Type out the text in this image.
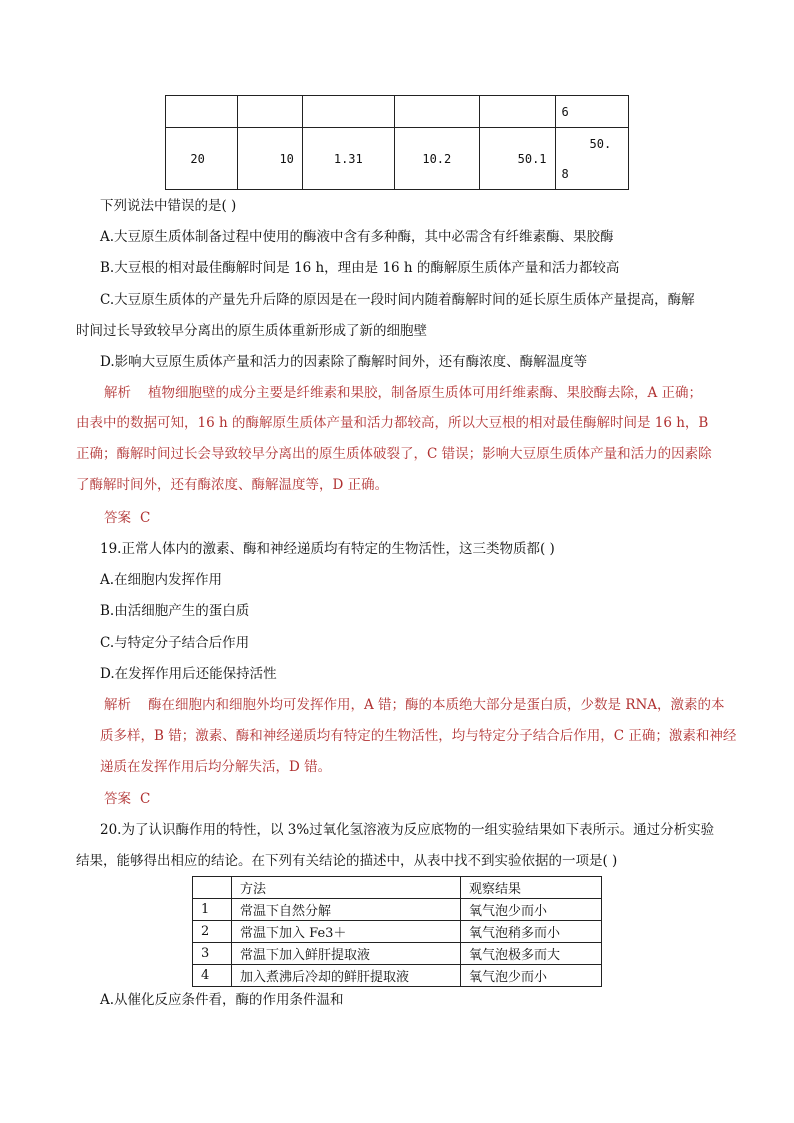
					6
20	10	1.31	10.2	50.1	50.
8
下列说法中错误的是( )
A.大豆原生质体制备过程中使用的酶液中含有多种酶，其中必需含有纤维素酶、果胶酶
B.大豆根的相对最佳酶解时间是 16 h，理由是 16 h 的酶解原生质体产量和活力都较高
C.大豆原生质体的产量先升后降的原因是在一段时间内随着酶解时间的延长原生质体产量提高，酶解
时间过长导致较早分离出的原生质体重新形成了新的细胞壁
D.影响大豆原生质体产量和活力的因素除了酶解时间外，还有酶浓度、酶解温度等
解析 植物细胞壁的成分主要是纤维素和果胶，制备原生质体可用纤维素酶、果胶酶去除，A 正确；
由表中的数据可知，16 h 的酶解原生质体产量和活力都较高，所以大豆根的相对最佳酶解时间是 16 h，B
正确；酶解时间过长会导致较早分离出的原生质体破裂了，C 错误；影响大豆原生质体产量和活力的因素除
了酶解时间外，还有酶浓度、酶解温度等，D 正确。
答案 C
19.正常人体内的激素、酶和神经递质均有特定的生物活性，这三类物质都( )
A.在细胞内发挥作用
B.由活细胞产生的蛋白质
C.与特定分子结合后作用
D.在发挥作用后还能保持活性
解析 酶在细胞内和细胞外均可发挥作用，A 错；酶的本质绝大部分是蛋白质，少数是 RNA，激素的本
质多样，B 错；激素、酶和神经递质均有特定的生物活性，均与特定分子结合后作用，C 正确；激素和神经
递质在发挥作用后均分解失活，D 错。
答案 C
20.为了认识酶作用的特性，以 3%过氧化氢溶液为反应底物的一组实验结果如下表所示。通过分析实验
结果，能够得出相应的结论。在下列有关结论的描述中，从表中找不到实验依据的一项是( )
	方法	观察结果
1	常温下自然分解	氧气泡少而小
2	常温下加入 Fe3＋	氧气泡稍多而小
3	常温下加入鲜肝提取液	氧气泡极多而大
4	加入煮沸后冷却的鲜肝提取液	氧气泡少而小
A.从催化反应条件看，酶的作用条件温和
